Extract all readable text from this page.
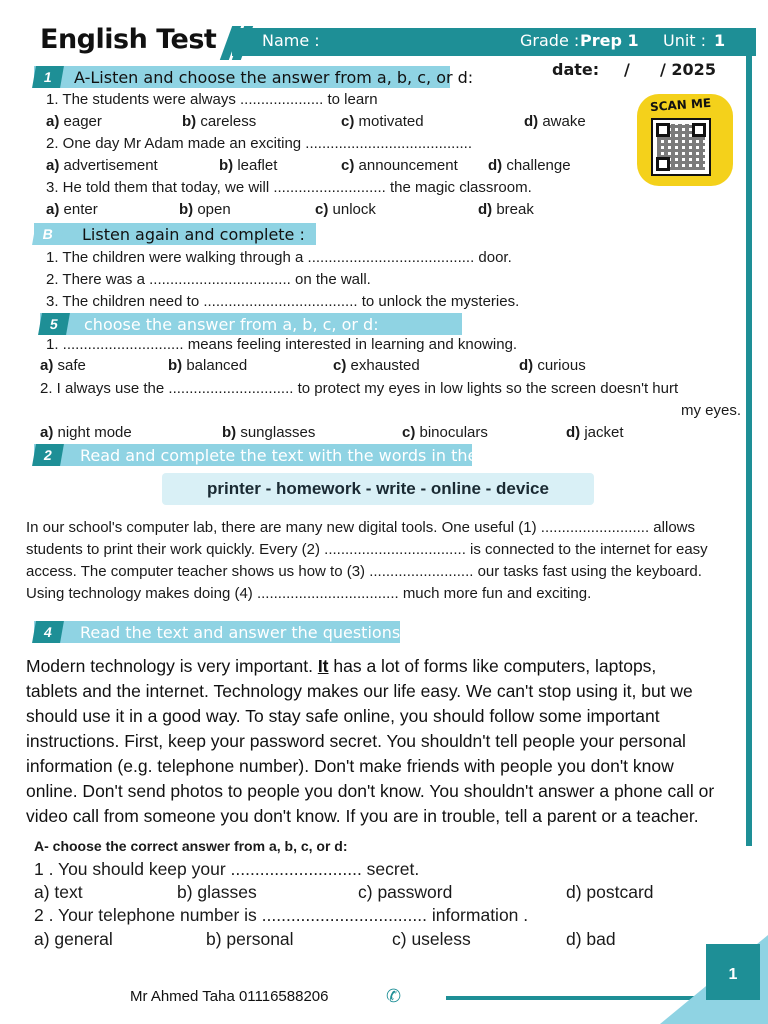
English Test	Name :	Grade : Prep 1 Unit : 1
date: / / 2025
SCAN ME
1	A-Listen and choose the answer from a, b, c, or d:
1. The students were always .................... to learn
a) eager	b) careless	c) motivated	d) awake
2. One day Mr Adam made an exciting ........................................
a) advertisement	b) leaflet	c) announcement d) challenge
3. He told them that today, we will ........................... the magic classroom.
a) enter	b) open	c) unlock	d) break
B	Listen again and complete :
1. The children were walking through a ........................................ door.
2. There was a .................................. on the wall.
3. The children need to ..................................... to unlock the mysteries.
5	choose the answer from a, b, c, or d:
1. ............................. means feeling interested in learning and knowing.
a) safe	b) balanced	c) exhausted	d) curious
2. I always use the .............................. to protect my eyes in low lights so the screen doesn't hurt
my eyes.
a) night mode	b) sunglasses	c) binoculars	d) jacket
2	Read and complete the text with the words in the box:
printer - homework - write - online - device
In our school's computer lab, there are many new digital tools. One useful (1) .......................... allows
students to print their work quickly. Every (2) .................................. is connected to the internet for easy
access. The computer teacher shows us how to (3) ......................... our tasks fast using the keyboard.
Using technology makes doing (4) .................................. much more fun and exciting.
4	Read the text and answer the questions:
Modern technology is very important. It has a lot of forms like computers, laptops,
tablets and the internet. Technology makes our life easy. We can't stop using it, but we
should use it in a good way. To stay safe online, you should follow some important
instructions. First, keep your password secret. You shouldn't tell people your personal
information (e.g. telephone number). Don't make friends with people you don't know
online. Don't send photos to people you don't know. You shouldn't answer a phone call or
video call from someone you don't know. If you are in trouble, tell a parent or a teacher.
A- choose the correct answer from a, b, c, or d:
1 . You should keep your ........................... secret.
a) text	b) glasses	c) password	d) postcard
2 . Your telephone number is .................................. information .
a) general	b) personal	c) useless	d) bad
Mr Ahmed Taha 01116588206	✆
1
